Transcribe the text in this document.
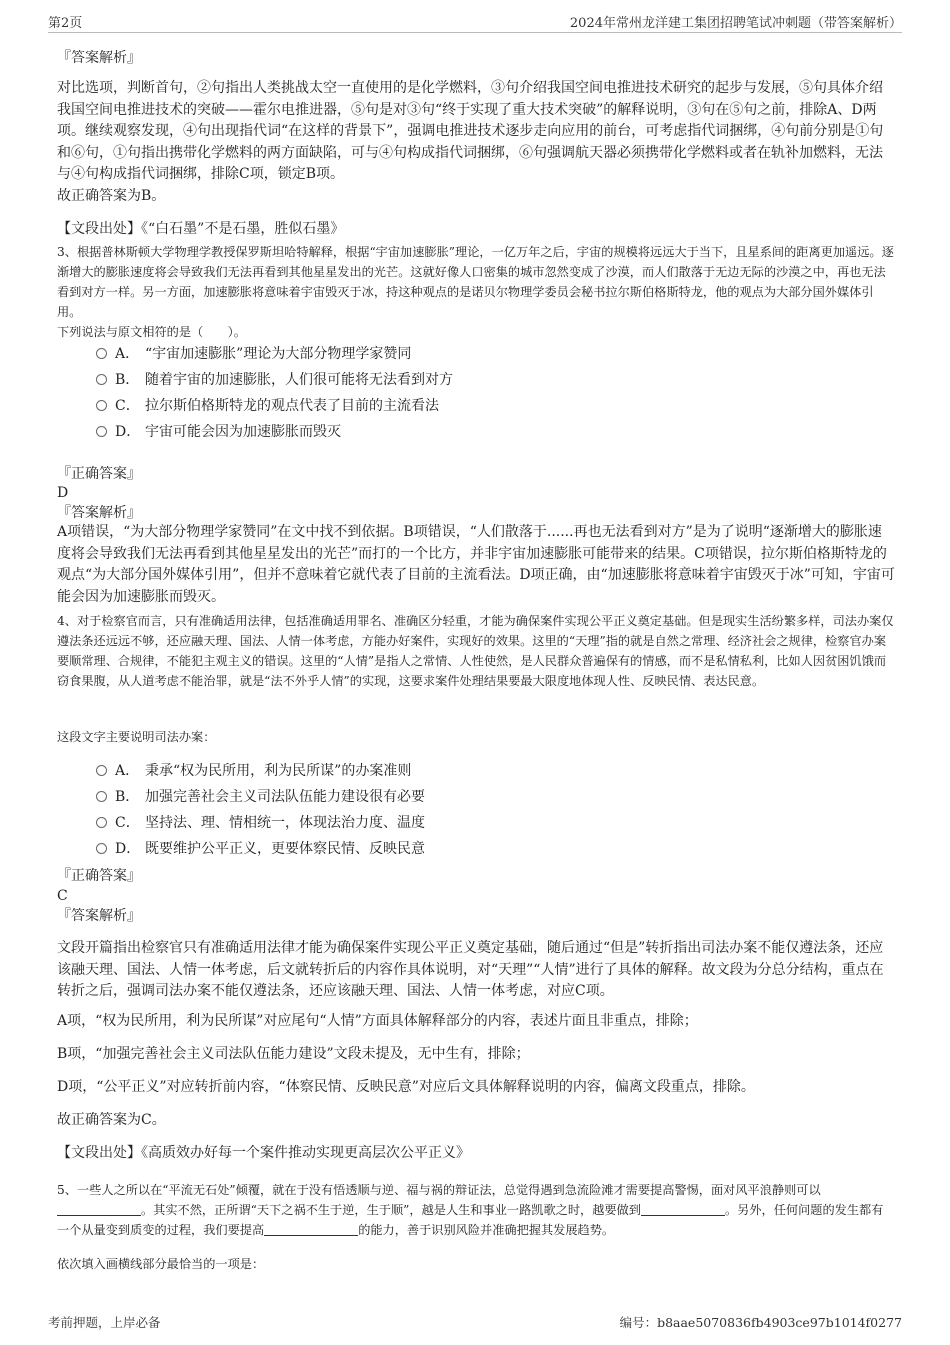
第2页	2024年常州龙洋建工集团招聘笔试冲刺题（带答案解析）
『答案解析』
对比选项，判断首句，②句指出人类挑战太空一直使用的是化学燃料，③句介绍我国空间电推进技术研究的起步与发展，⑤句具体介绍我国空间电推进技术的突破——霍尔电推进器，⑤句是对③句“终于实现了重大技术突破”的解释说明，③句在⑤句之前，排除A、D两项。继续观察发现，④句出现指代词“在这样的背景下”，强调电推进技术逐步走向应用的前台，可考虑指代词捆绑，④句前分别是①句和⑥句，①句指出携带化学燃料的两方面缺陷，可与④句构成指代词捆绑，⑥句强调航天器必须携带化学燃料或者在轨补加燃料，无法与④句构成指代词捆绑，排除C项，锁定B项。
故正确答案为B。
【文段出处】《“白石墨”不是石墨，胜似石墨》
3、根据普林斯顿大学物理学教授保罗斯坦哈特解释，根据“宇宙加速膨胀”理论，一亿万年之后，宇宙的规模将远远大于当下，且星系间的距离更加遥远。逐渐增大的膨胀速度将会导致我们无法再看到其他星星发出的光芒。这就好像人口密集的城市忽然变成了沙漠，而人们散落于无边无际的沙漠之中，再也无法看到对方一样。另一方面，加速膨胀将意味着宇宙毁灭于冰，持这种观点的是诺贝尔物理学委员会秘书拉尔斯伯格斯特龙，他的观点为大部分国外媒体引用。
下列说法与原文相符的是（　　）。
A． “宇宙加速膨胀”理论为大部分物理学家赞同
B． 随着宇宙的加速膨胀，人们很可能将无法看到对方
C． 拉尔斯伯格斯特龙的观点代表了目前的主流看法
D． 宇宙可能会因为加速膨胀而毁灭
『正确答案』
D
『答案解析』
A项错误，“为大部分物理学家赞同”在文中找不到依据。B项错误，“人们散落于......再也无法看到对方”是为了说明“逐渐增大的膨胀速度将会导致我们无法再看到其他星星发出的光芒”而打的一个比方，并非宇宙加速膨胀可能带来的结果。C项错误，拉尔斯伯格斯特龙的观点“为大部分国外媒体引用”，但并不意味着它就代表了目前的主流看法。D项正确，由“加速膨胀将意味着宇宙毁灭于冰”可知，宇宙可能会因为加速膨胀而毁灭。
4、对于检察官而言，只有准确适用法律，包括准确适用罪名、准确区分轻重，才能为确保案件实现公平正义奠定基础。但是现实生活纷繁多样，司法办案仅遵法条还远远不够，还应融天理、国法、人情一体考虑，方能办好案件，实现好的效果。这里的“天理”指的就是自然之常理、经济社会之规律，检察官办案要顺常理、合规律，不能犯主观主义的错误。这里的“人情”是指人之常情、人性使然，是人民群众普遍保有的情感，而不是私情私利，比如人因贫困饥饿而窃食果腹，从人道考虑不能治罪，就是“法不外乎人情”的实现，这要求案件处理结果要最大限度地体现人性、反映民情、表达民意。
这段文字主要说明司法办案：
A． 秉承“权为民所用，利为民所谋”的办案准则
B． 加强完善社会主义司法队伍能力建设很有必要
C． 坚持法、理、情相统一，体现法治力度、温度
D． 既要维护公平正义，更要体察民情、反映民意
『正确答案』
C
『答案解析』
文段开篇指出检察官只有准确适用法律才能为确保案件实现公平正义奠定基础，随后通过“但是”转折指出司法办案不能仅遵法条，还应该融天理、国法、人情一体考虑，后文就转折后的内容作具体说明，对“天理”“人情”进行了具体的解释。故文段为分总分结构，重点在转折之后，强调司法办案不能仅遵法条，还应该融天理、国法、人情一体考虑，对应C项。
A项，“权为民所用，利为民所谋”对应尾句“人情”方面具体解释部分的内容，表述片面且非重点，排除；
B项，“加强完善社会主义司法队伍能力建设”文段未提及，无中生有，排除；
D项，“公平正义”对应转折前内容，“体察民情、反映民意”对应后文具体解释说明的内容，偏离文段重点，排除。
故正确答案为C。
【文段出处】《高质效办好每一个案件推动实现更高层次公平正义》
5、一些人之所以在“平流无石处”倾覆，就在于没有悟透顺与逆、福与祸的辩证法，总觉得遇到急流险滩才需要提高警惕，面对风平浪静则可以。其实不然，正所谓“天下之祸不生于逆，生于顺”，越是人生和事业一路凯歌之时，越要做到	。另外，任何问题的发生都有一个从量变到质变的过程，我们要提高	的能力，善于识别风险并准确把握其发展趋势。
依次填入画横线部分最恰当的一项是：
考前押题，上岸必备	编号：b8aae5070836fb4903ce97b1014f0277
